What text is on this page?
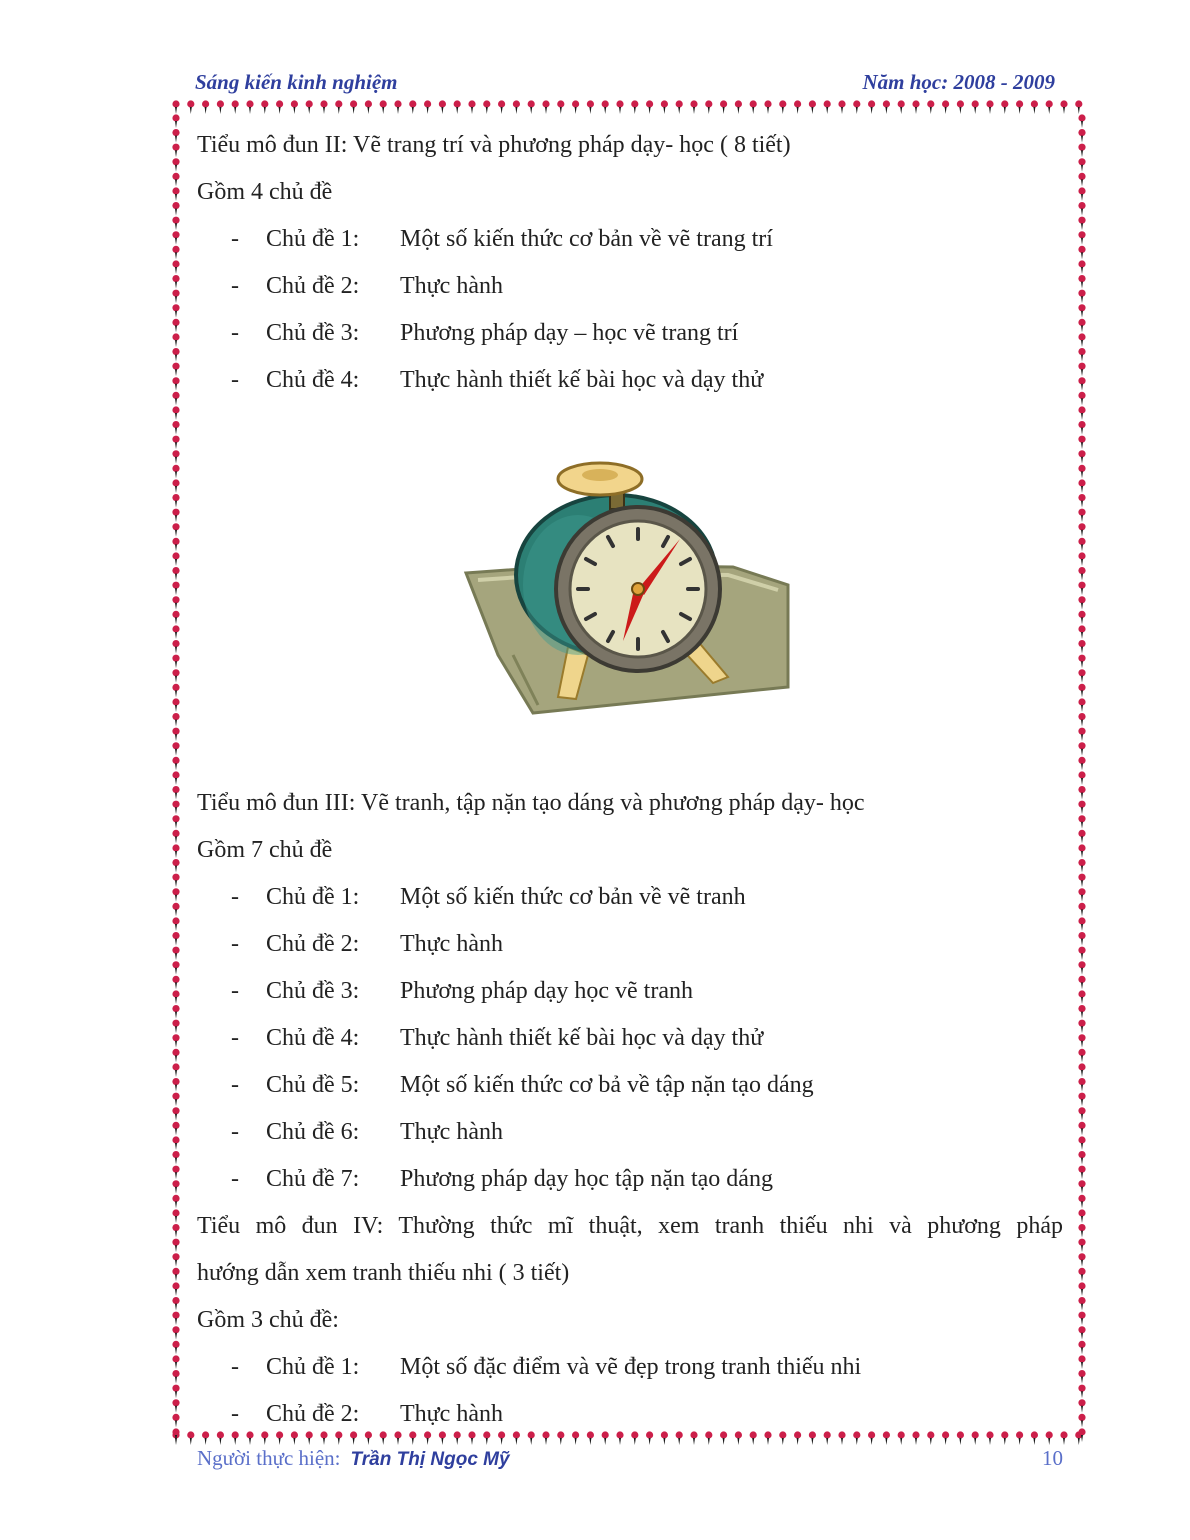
Sáng kiến kinh nghiệm	Năm học: 2008 - 2009
Tiểu mô đun II: Vẽ trang trí và phương pháp dạy- học ( 8 tiết)
Gồm 4 chủ đề
- Chủ đề 1: Một số kiến thức cơ bản về vẽ trang trí
- Chủ đề 2: Thực hành
- Chủ đề 3: Phương pháp dạy – học vẽ trang trí
- Chủ đề 4: Thực hành thiết kế bài học và dạy thử
Tiểu mô đun III: Vẽ tranh, tập nặn tạo dáng và phương pháp dạy- học
Gồm 7 chủ đề
- Chủ đề 1: Một số kiến thức cơ bản về vẽ tranh
- Chủ đề 2: Thực hành
- Chủ đề 3: Phương pháp dạy học vẽ tranh
- Chủ đề 4: Thực hành thiết kế bài học và dạy thử
- Chủ đề 5: Một số kiến thức cơ bả về tập nặn tạo dáng
- Chủ đề 6: Thực hành
- Chủ đề 7: Phương pháp dạy học tập nặn tạo dáng
Tiểu mô đun IV: Thường thức mĩ thuật, xem tranh thiếu nhi và phương pháp
hướng dẫn xem tranh thiếu nhi ( 3 tiết)
Gồm 3 chủ đề:
- Chủ đề 1: Một số đặc điểm và vẽ đẹp trong tranh thiếu nhi
- Chủ đề 2: Thực hành
Người thực hiện: Trần Thị Ngọc Mỹ	10
